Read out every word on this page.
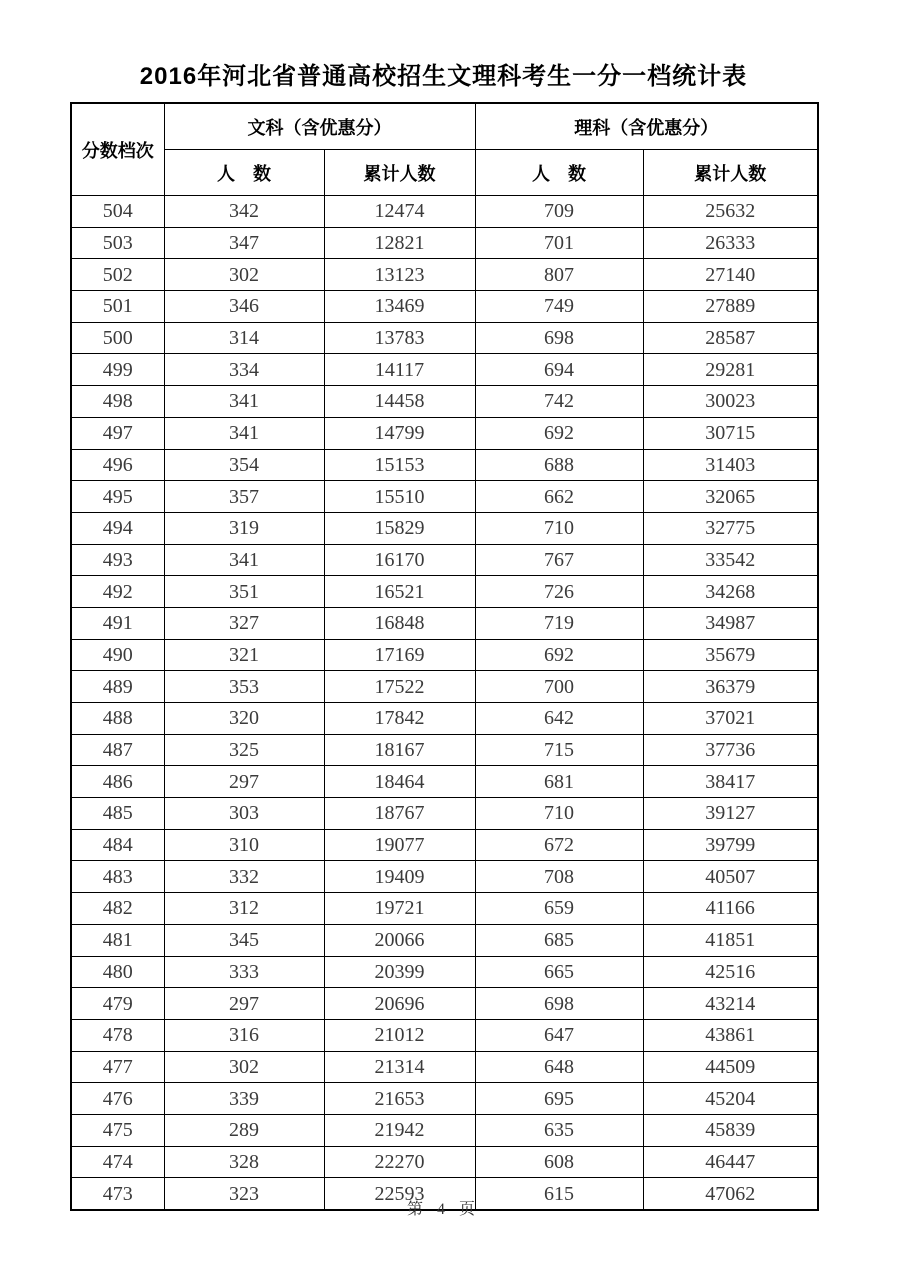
2016年河北省普通高校招生文理科考生一分一档统计表
分数档次	文科（含优惠分）		理科（含优惠分）	
	人　数	累计人数	人　数	累计人数
504	342	12474	709	25632
503	347	12821	701	26333
502	302	13123	807	27140
501	346	13469	749	27889
500	314	13783	698	28587
499	334	14117	694	29281
498	341	14458	742	30023
497	341	14799	692	30715
496	354	15153	688	31403
495	357	15510	662	32065
494	319	15829	710	32775
493	341	16170	767	33542
492	351	16521	726	34268
491	327	16848	719	34987
490	321	17169	692	35679
489	353	17522	700	36379
488	320	17842	642	37021
487	325	18167	715	37736
486	297	18464	681	38417
485	303	18767	710	39127
484	310	19077	672	39799
483	332	19409	708	40507
482	312	19721	659	41166
481	345	20066	685	41851
480	333	20399	665	42516
479	297	20696	698	43214
478	316	21012	647	43861
477	302	21314	648	44509
476	339	21653	695	45204
475	289	21942	635	45839
474	328	22270	608	46447
473	323	22593	615	47062
第 4 页
